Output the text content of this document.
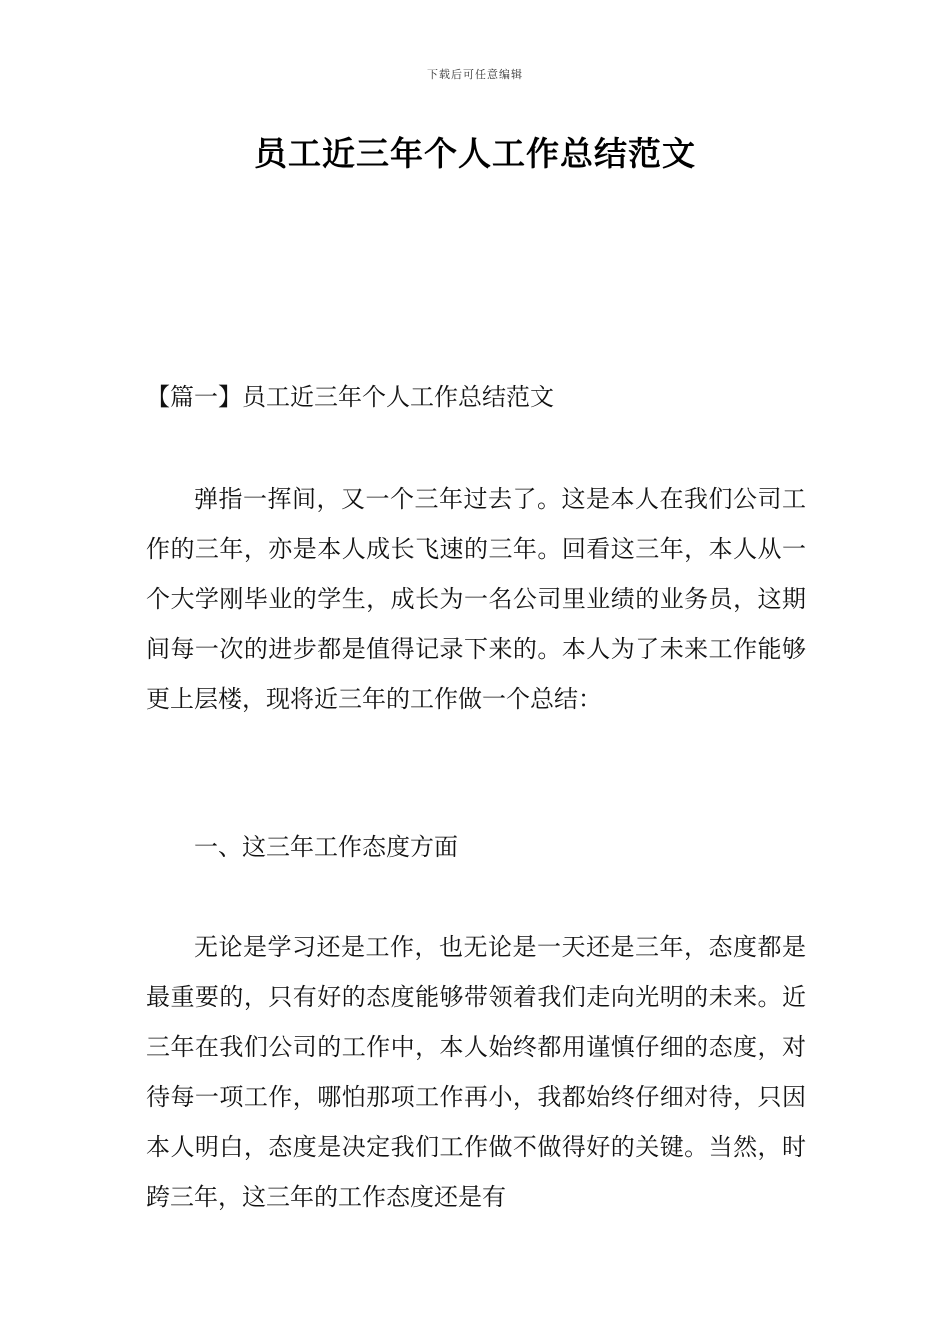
下载后可任意编辑
员工近三年个人工作总结范文

【篇一】员工近三年个人工作总结范文

弹指一挥间，又一个三年过去了。这是本人在我们公司工作的三年，亦是本人成长飞速的三年。回看这三年，本人从一个大学刚毕业的学生，成长为一名公司里业绩的业务员，这期间每一次的进步都是值得记录下来的。本人为了未来工作能够更上层楼，现将近三年的工作做一个总结：

一、这三年工作态度方面

无论是学习还是工作，也无论是一天还是三年，态度都是最重要的，只有好的态度能够带领着我们走向光明的未来。近三年在我们公司的工作中，本人始终都用谨慎仔细的态度，对待每一项工作，哪怕那项工作再小，我都始终仔细对待，只因本人明白，态度是决定我们工作做不做得好的关键。当然，时跨三年，这三年的工作态度还是有
